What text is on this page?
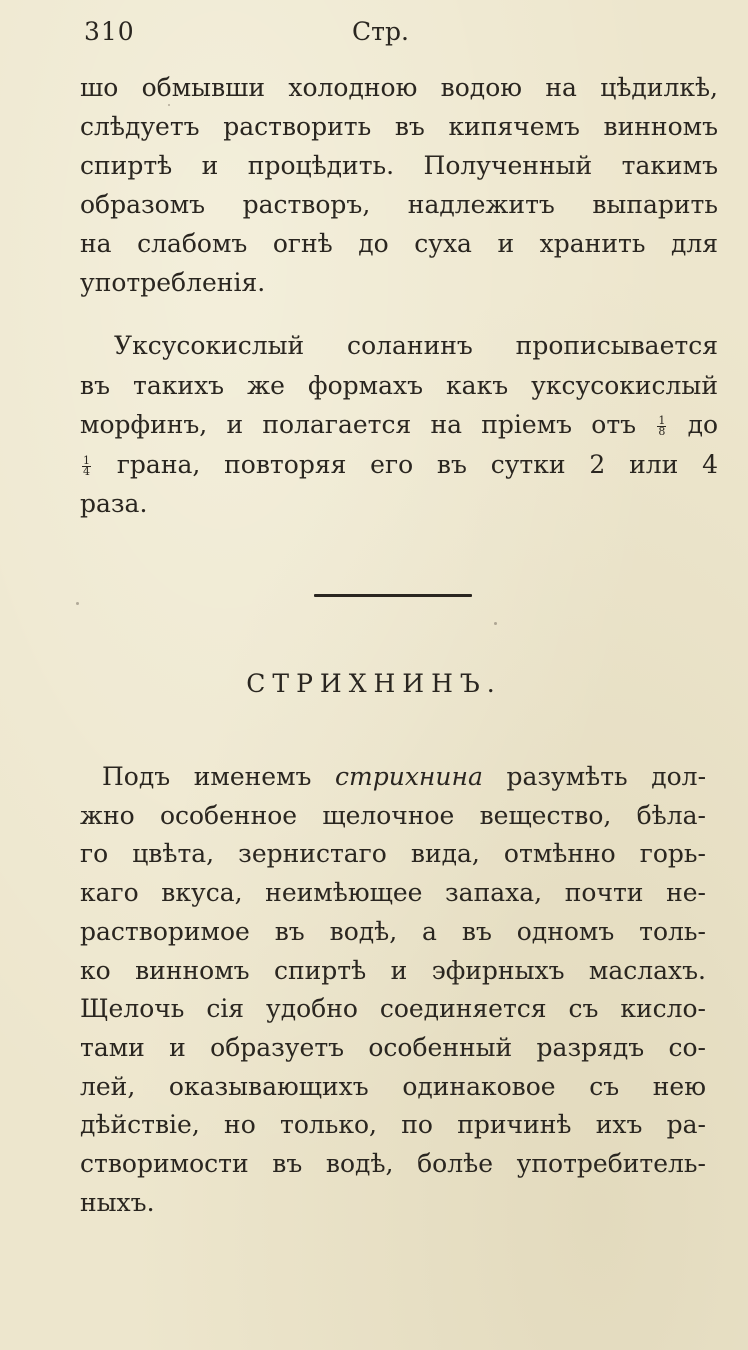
310	Стр.

шо обмывши холодною водою на цѣдилкѣ,
слѣдуетъ растворить въ кипячемъ винномъ
спиртѣ и процѣдить. Полученный такимъ
образомъ растворъ, надлежитъ выпарить
на слабомъ огнѣ до суха и хранить для
употребленія.

Уксусокислый соланинъ прописывается
въ такихъ же формахъ какъ уксусокислый
морфинъ, и полагается на пріемъ отъ $\frac{1}{8}$ до
$\frac{1}{4}$ грана, повторяя его въ сутки 2 или 4
раза.

СТРИХНИНЪ.

Подъ именемъ стрихнина разумѣть дол-
жно особенное щелочное вещество, бѣла-
го цвѣта, зернистаго вида, отмѣнно горь-
каго вкуса, неимѣющее запаха, почти не-
растворимое въ водѣ, а въ одномъ толь-
ко винномъ спиртѣ и эфирныхъ маслахъ.
Щелочь сія удобно соединяется съ кисло-
тами и образуетъ особенный разрядъ со-
лей, оказывающихъ одинаковое съ нею
дѣйствіе, но только, по причинѣ ихъ ра-
створимости въ водѣ, болѣе употребитель-
ныхъ.
